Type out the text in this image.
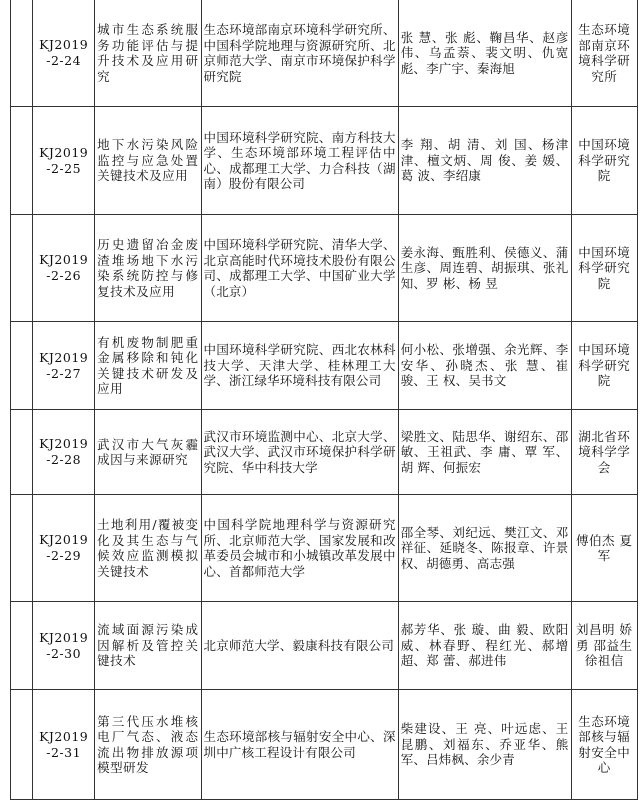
	KJ2019
-2-24	城市生态系统服务功能评估与提升技术及应用研究	生态环境部南京环境科学研究所、中国科学院地理与资源研究所、北京师范大学、南京市环境保护科学研究院	张 慧、张 彪、鞠昌华、赵彦伟、乌孟萘、裴文明、仇宽彪、李广宇、秦海旭	生态环境部南京环境科学研究所

	KJ2019
-2-25	地下水污染风险监控与应急处置关键技术及应用	中国环境科学研究院、南方科技大学、生态环境部环境工程评估中心、成都理工大学、力合科技（湖南）股份有限公司	李 翔、胡 清、刘 国、杨津津、檀文炳、周 俊、姜 媛、葛 波、李绍康	中国环境科学研究院

	KJ2019
-2-26	历史遗留冶金废渣堆场地下水污染系统防控与修复技术及应用	中国环境科学研究院、清华大学、北京高能时代环境技术股份有限公司、成都理工大学、中国矿业大学（北京）	姜永海、甄胜利、侯德义、蒲生彦、周连碧、胡振琪、张礼知、罗 彬、杨 昱	中国环境科学研究院

	KJ2019
-2-27	有机废物制肥重金属移除和钝化关键技术研发及应用	中国环境科学研究院、西北农林科技大学、天津大学、桂林理工大学、浙江绿华环境科技有限公司	何小松、张增强、余光辉、李安华、孙晓杰、张 慧、崔 骏、王 权、吴书文	中国环境科学研究院

	KJ2019
-2-28	武汉市大气灰霾成因与来源研究	武汉市环境监测中心、北京大学、武汉大学、武汉市环境保护科学研究院、华中科技大学	梁胜文、陆思华、谢绍东、邵 敏、王祖武、李 庸、覃 军、胡 辉、何振宏	湖北省环境科学学会

	KJ2019
-2-29	土地利用/覆被变化及其生态与气候效应监测模拟关键技术	中国科学院地理科学与资源研究所、北京师范大学、国家发展和改革委员会城市和小城镇改革发展中心、首都师范大学	邵全琴、刘纪远、樊江文、邓祥征、延晓冬、陈报章、许景权、胡德勇、高志强	傅伯杰 夏 军

	KJ2019
-2-30	流域面源污染成因解析及管控关键技术	北京师范大学、毅康科技有限公司	郝芳华、张 璇、曲 毅、欧阳威、林春野、程红光、郝增超、郑 蕾、郝进伟	刘昌明 娇 勇 邵益生 徐祖信

	KJ2019
-2-31	第三代压水堆核电厂气态、液态流出物排放源项模型研发	生态环境部核与辐射安全中心、深圳中广核工程设计有限公司	柴建设、王 亮、叶远虑、王昆鹏、刘福东、乔亚华、熊 军、吕炜枫、余少青	生态环境部核与辐射安全中心
